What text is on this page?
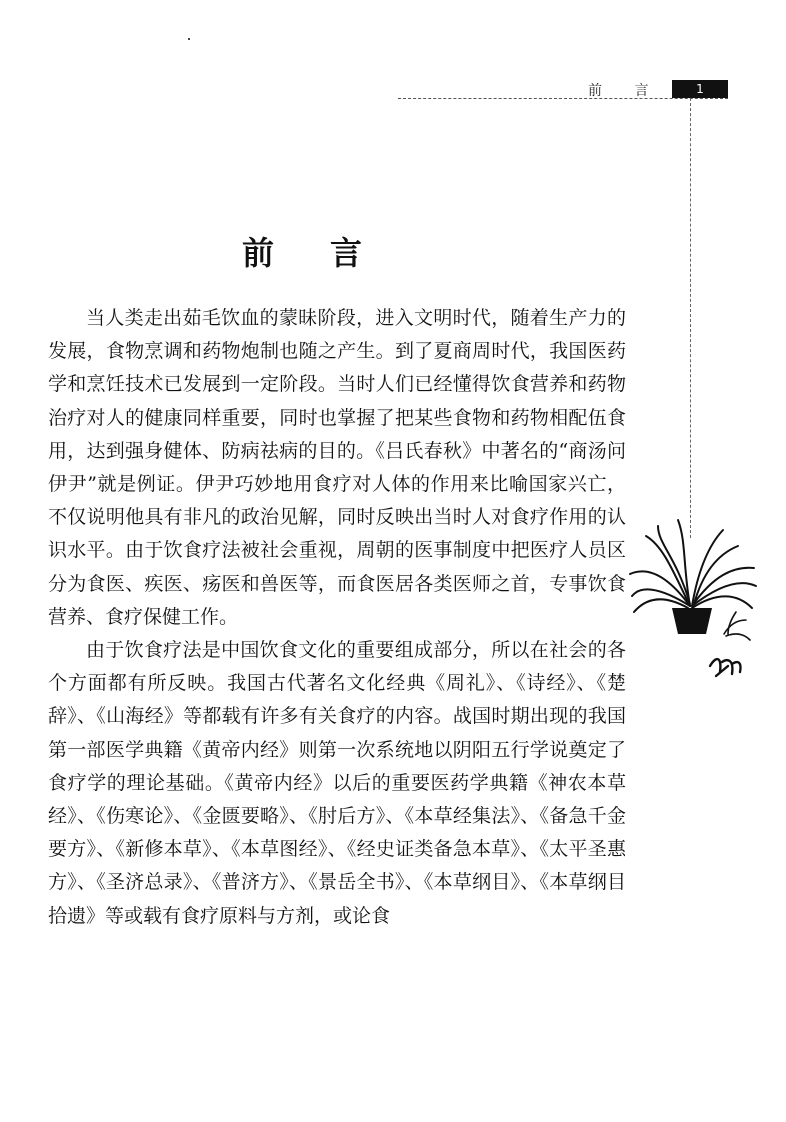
前 言	1
前言

当人类走出茹毛饮血的蒙昧阶段，进入文明时代，随着生产力的发展，食物烹调和药物炮制也随之产生。到了夏商周时代，我国医药学和烹饪技术已发展到一定阶段。当时人们已经懂得饮食营养和药物治疗对人的健康同样重要，同时也掌握了把某些食物和药物相配伍食用，达到强身健体、防病祛病的目的。《吕氏春秋》中著名的“商汤问伊尹”就是例证。伊尹巧妙地用食疗对人体的作用来比喻国家兴亡，不仅说明他具有非凡的政治见解，同时反映出当时人对食疗作用的认识水平。由于饮食疗法被社会重视，周朝的医事制度中把医疗人员区分为食医、疾医、疡医和兽医等，而食医居各类医师之首，专事饮食营养、食疗保健工作。

由于饮食疗法是中国饮食文化的重要组成部分，所以在社会的各个方面都有所反映。我国古代著名文化经典《周礼》、《诗经》、《楚辞》、《山海经》等都载有许多有关食疗的内容。战国时期出现的我国第一部医学典籍《黄帝内经》则第一次系统地以阴阳五行学说奠定了食疗学的理论基础。《黄帝内经》以后的重要医药学典籍《神农本草经》、《伤寒论》、《金匮要略》、《肘后方》、《本草经集法》、《备急千金要方》、《新修本草》、《本草图经》、《经史证类备急本草》、《太平圣惠方》、《圣济总录》、《普济方》、《景岳全书》、《本草纲目》、《本草纲目拾遗》等或载有食疗原料与方剂，或论食
